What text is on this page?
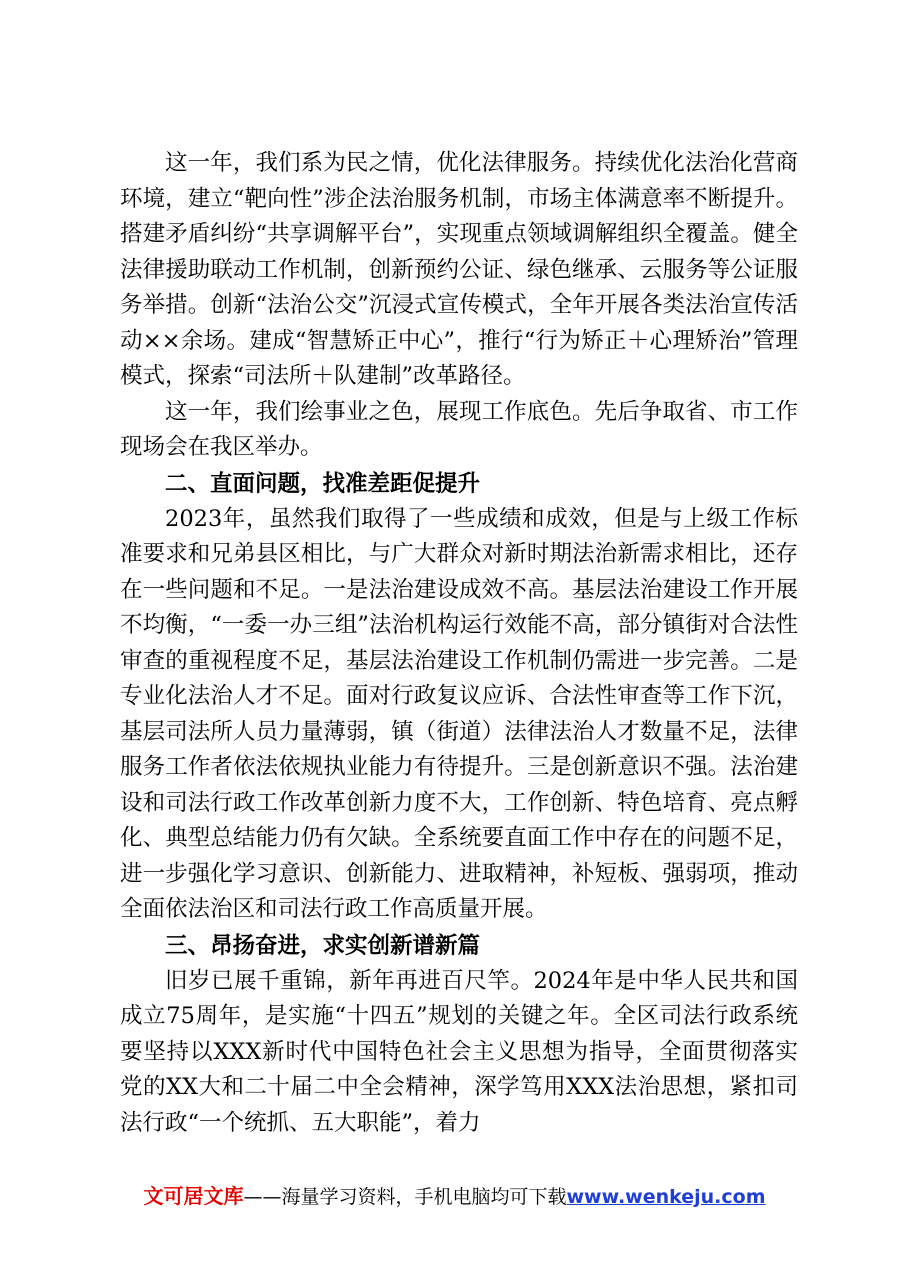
这一年，我们系为民之情，优化法律服务。持续优化法治化营商环境，建立“靶向性”涉企法治服务机制，市场主体满意率不断提升。搭建矛盾纠纷“共享调解平台”，实现重点领域调解组织全覆盖。健全法律援助联动工作机制，创新预约公证、绿色继承、云服务等公证服务举措。创新“法治公交”沉浸式宣传模式，全年开展各类法治宣传活动××余场。建成“智慧矫正中心”，推行“行为矫正＋心理矫治”管理模式，探索“司法所＋队建制”改革路径。

这一年，我们绘事业之色，展现工作底色。先后争取省、市工作现场会在我区举办。

二、直面问题，找准差距促提升

2023年，虽然我们取得了一些成绩和成效，但是与上级工作标准要求和兄弟县区相比，与广大群众对新时期法治新需求相比，还存在一些问题和不足。一是法治建设成效不高。基层法治建设工作开展不均衡，“一委一办三组”法治机构运行效能不高，部分镇街对合法性审查的重视程度不足，基层法治建设工作机制仍需进一步完善。二是专业化法治人才不足。面对行政复议应诉、合法性审查等工作下沉，基层司法所人员力量薄弱，镇（街道）法律法治人才数量不足，法律服务工作者依法依规执业能力有待提升。三是创新意识不强。法治建设和司法行政工作改革创新力度不大，工作创新、特色培育、亮点孵化、典型总结能力仍有欠缺。全系统要直面工作中存在的问题不足，进一步强化学习意识、创新能力、进取精神，补短板、强弱项，推动全面依法治区和司法行政工作高质量开展。

三、昂扬奋进，求实创新谱新篇

旧岁已展千重锦，新年再进百尺竿。2024年是中华人民共和国成立75周年，是实施“十四五”规划的关键之年。全区司法行政系统要坚持以XXX新时代中国特色社会主义思想为指导，全面贯彻落实党的XX大和二十届二中全会精神，深学笃用XXX法治思想，紧扣司法行政“一个统抓、五大职能”，着力

文可居文库——海量学习资料，手机电脑均可下载www.wenkeju.com
